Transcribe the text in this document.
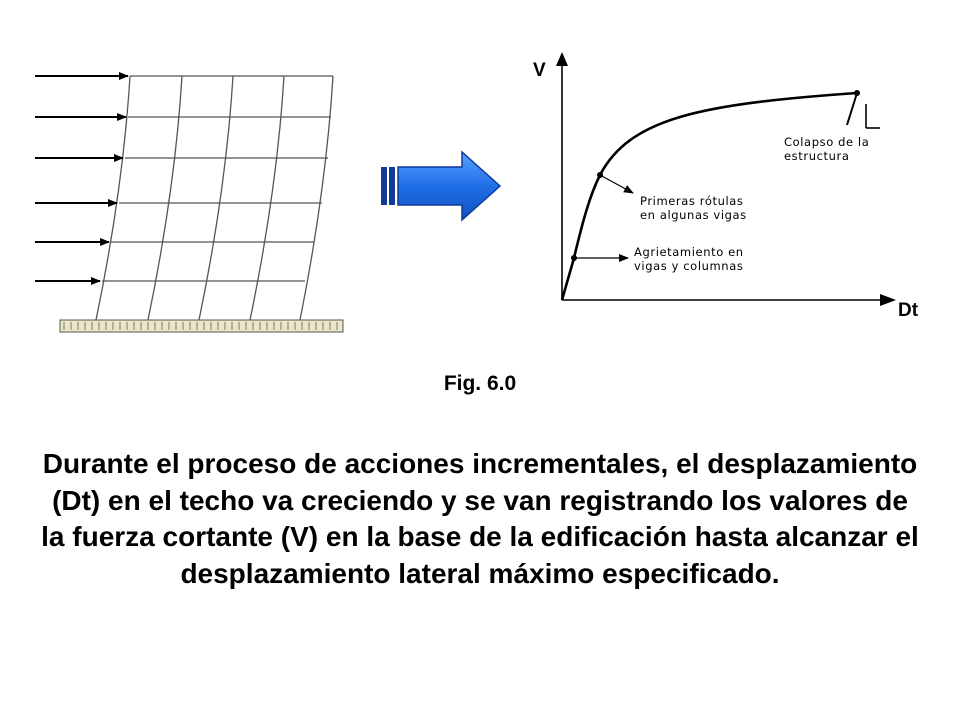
V
Dt
Colapso de la
estructura
Primeras rótulas
en algunas vigas
Agrietamiento en
vigas y columnas
Fig. 6.0
Durante el proceso de acciones incrementales, el desplazamiento (Dt) en el techo va creciendo y se van registrando los valores de la fuerza cortante (V) en la base de la edificación hasta alcanzar el desplazamiento lateral máximo especificado.
